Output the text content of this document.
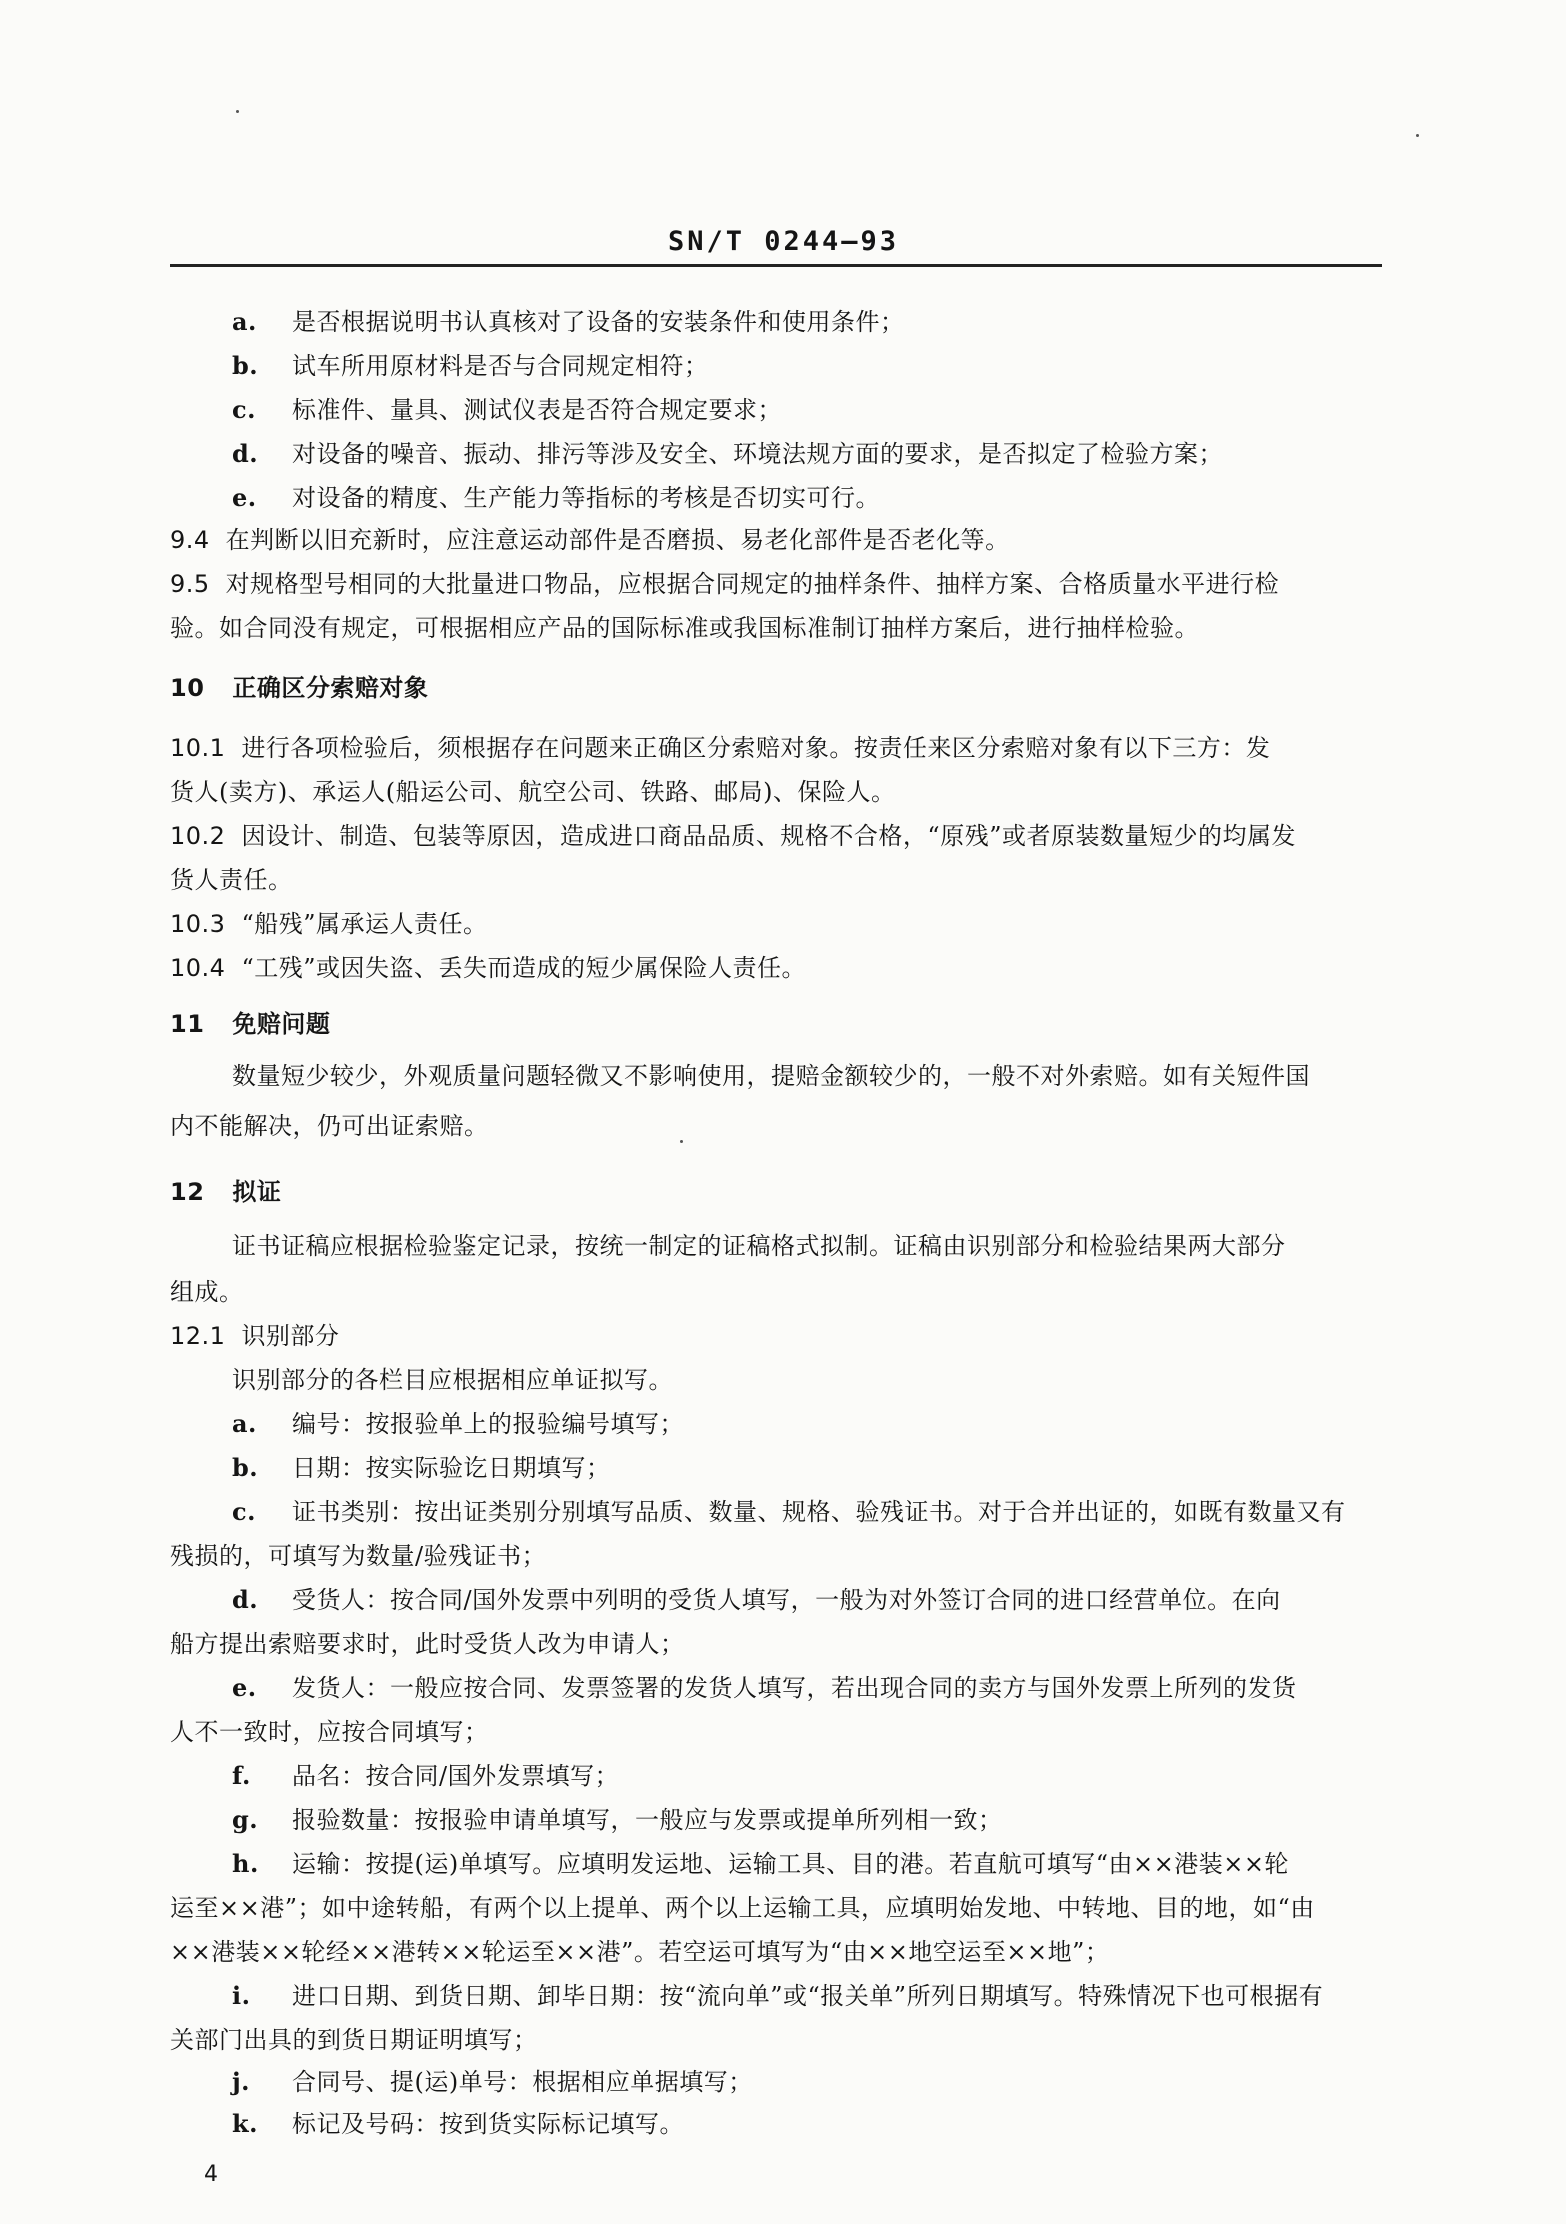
SN/T 0244—93
a. 是否根据说明书认真核对了设备的安装条件和使用条件；
b. 试车所用原材料是否与合同规定相符；
c. 标准件、量具、测试仪表是否符合规定要求；
d. 对设备的噪音、振动、排污等涉及安全、环境法规方面的要求，是否拟定了检验方案；
e. 对设备的精度、生产能力等指标的考核是否切实可行。
9.4 在判断以旧充新时，应注意运动部件是否磨损、易老化部件是否老化等。
9.5 对规格型号相同的大批量进口物品，应根据合同规定的抽样条件、抽样方案、合格质量水平进行检
验。如合同没有规定，可根据相应产品的国际标准或我国标准制订抽样方案后，进行抽样检验。
10 正确区分索赔对象
10.1 进行各项检验后，须根据存在问题来正确区分索赔对象。按责任来区分索赔对象有以下三方：发
货人(卖方)、承运人(船运公司、航空公司、铁路、邮局)、保险人。
10.2 因设计、制造、包装等原因，造成进口商品品质、规格不合格，“原残”或者原装数量短少的均属发
货人责任。
10.3 “船残”属承运人责任。
10.4 “工残”或因失盗、丢失而造成的短少属保险人责任。
11 免赔问题
数量短少较少，外观质量问题轻微又不影响使用，提赔金额较少的，一般不对外索赔。如有关短件国
内不能解决，仍可出证索赔。
12 拟证
证书证稿应根据检验鉴定记录，按统一制定的证稿格式拟制。证稿由识别部分和检验结果两大部分
组成。
12.1 识别部分
识别部分的各栏目应根据相应单证拟写。
a. 编号：按报验单上的报验编号填写；
b. 日期：按实际验讫日期填写；
c. 证书类别：按出证类别分别填写品质、数量、规格、验残证书。对于合并出证的，如既有数量又有
残损的，可填写为数量/验残证书；
d. 受货人：按合同/国外发票中列明的受货人填写，一般为对外签订合同的进口经营单位。在向
船方提出索赔要求时，此时受货人改为申请人；
e. 发货人：一般应按合同、发票签署的发货人填写，若出现合同的卖方与国外发票上所列的发货
人不一致时，应按合同填写；
f. 品名：按合同/国外发票填写；
g. 报验数量：按报验申请单填写，一般应与发票或提单所列相一致；
h. 运输：按提(运)单填写。应填明发运地、运输工具、目的港。若直航可填写“由××港装××轮
运至××港”；如中途转船，有两个以上提单、两个以上运输工具，应填明始发地、中转地、目的地，如“由
××港装××轮经××港转××轮运至××港”。若空运可填写为“由××地空运至××地”；
i. 进口日期、到货日期、卸毕日期：按“流向单”或“报关单”所列日期填写。特殊情况下也可根据有
关部门出具的到货日期证明填写；
j. 合同号、提(运)单号：根据相应单据填写；
k. 标记及号码：按到货实际标记填写。
4
